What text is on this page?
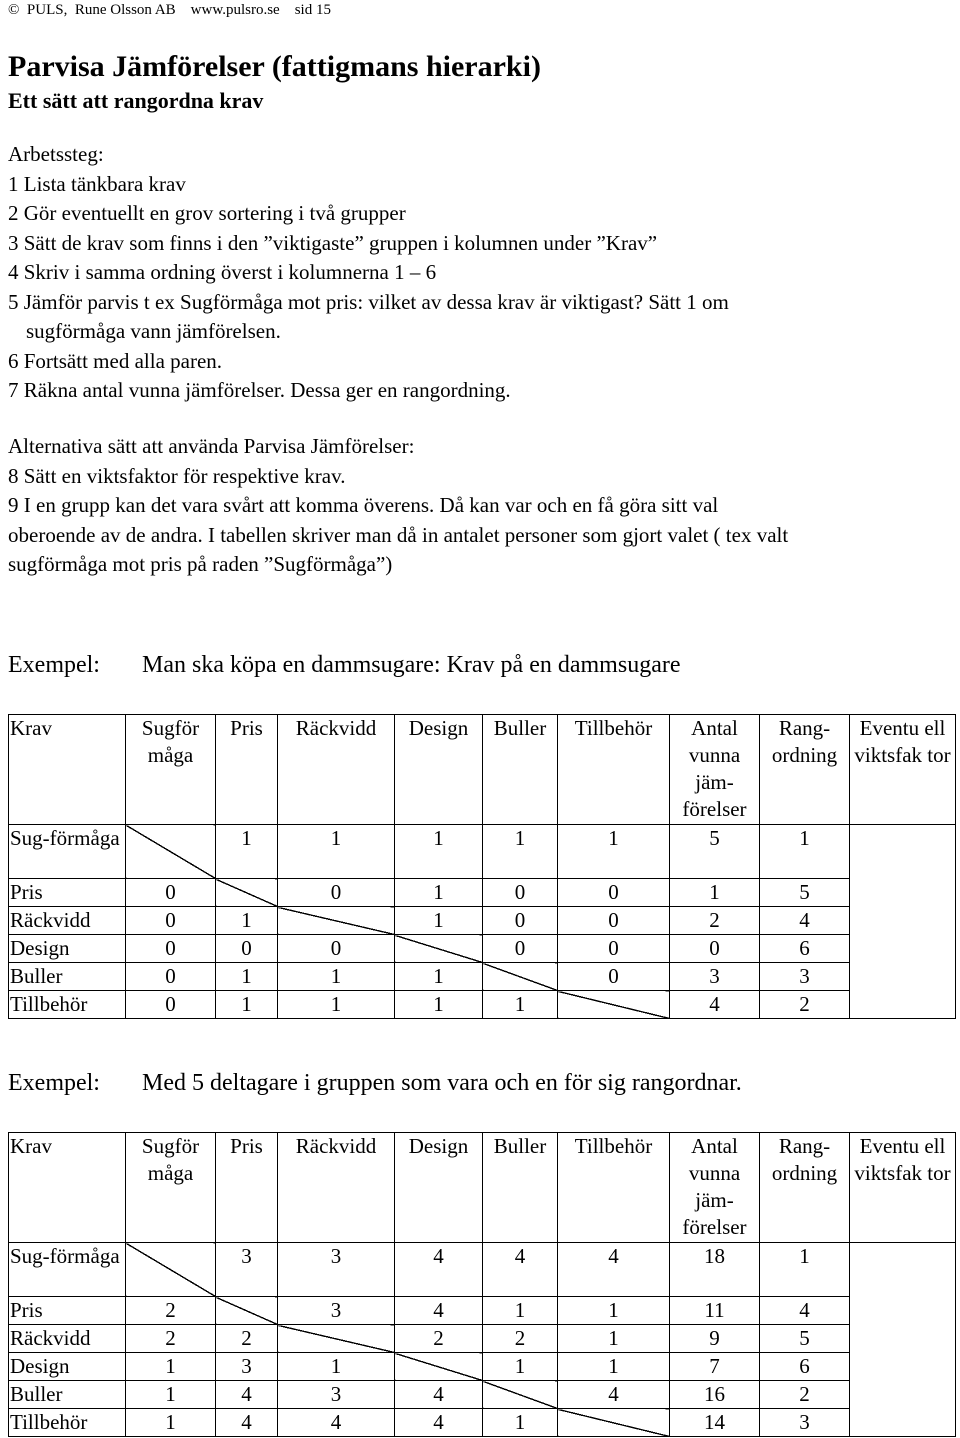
©  PULS,  Rune Olsson AB    www.pulsro.se    sid 15
Parvisa Jämförelser (fattigmans hierarki)
Ett sätt att rangordna krav
Arbetssteg:
1 Lista tänkbara krav
2 Gör eventuellt en grov sortering i två grupper
3 Sätt de krav som finns i den ”viktigaste” gruppen i kolumnen under ”Krav”
4 Skriv i samma ordning överst i kolumnerna 1 – 6
5 Jämför parvis t ex Sugförmåga mot pris: vilket av dessa krav är viktigast? Sätt 1 om
sugförmåga vann jämförelsen.
6 Fortsätt med alla paren.
7 Räkna antal vunna jämförelser. Dessa ger en rangordning.
Alternativa sätt att använda Parvisa Jämförelser:
8 Sätt en viktsfaktor för respektive krav.
9 I en grupp kan det vara svårt att komma överens. Då kan var och en få göra sitt val
oberoende av de andra. I tabellen skriver man då in antalet personer som gjort valet ( tex valt
sugförmåga mot pris på raden ”Sugförmåga”)
Exempel: Man ska köpa en dammsugare: Krav på en dammsugare
Krav	Sugför måga	Pris	Räckvidd	Design	Buller	Tillbehör	Antal vunna jäm- förelser	Rang- ordning	Eventu ell viktsfak tor
Sug-förmåga		1	1	1	1	1	5	1	
Pris	0		0	1	0	0	1	5	
Räckvidd	0	1		1	0	0	2	4	
Design	0	0	0		0	0	0	6	
Buller	0	1	1	1		0	3	3	
Tillbehör	0	1	1	1	1		4	2	
Exempel: Med 5 deltagare i gruppen som vara och en för sig rangordnar.
Krav	Sugför måga	Pris	Räckvidd	Design	Buller	Tillbehör	Antal vunna jäm- förelser	Rang- ordning	Eventu ell viktsfak tor
Sug-förmåga		3	3	4	4	4	18	1	
Pris	2		3	4	1	1	11	4	
Räckvidd	2	2		2	2	1	9	5	
Design	1	3	1		1	1	7	6	
Buller	1	4	3	4		4	16	2	
Tillbehör	1	4	4	4	1		14	3	
